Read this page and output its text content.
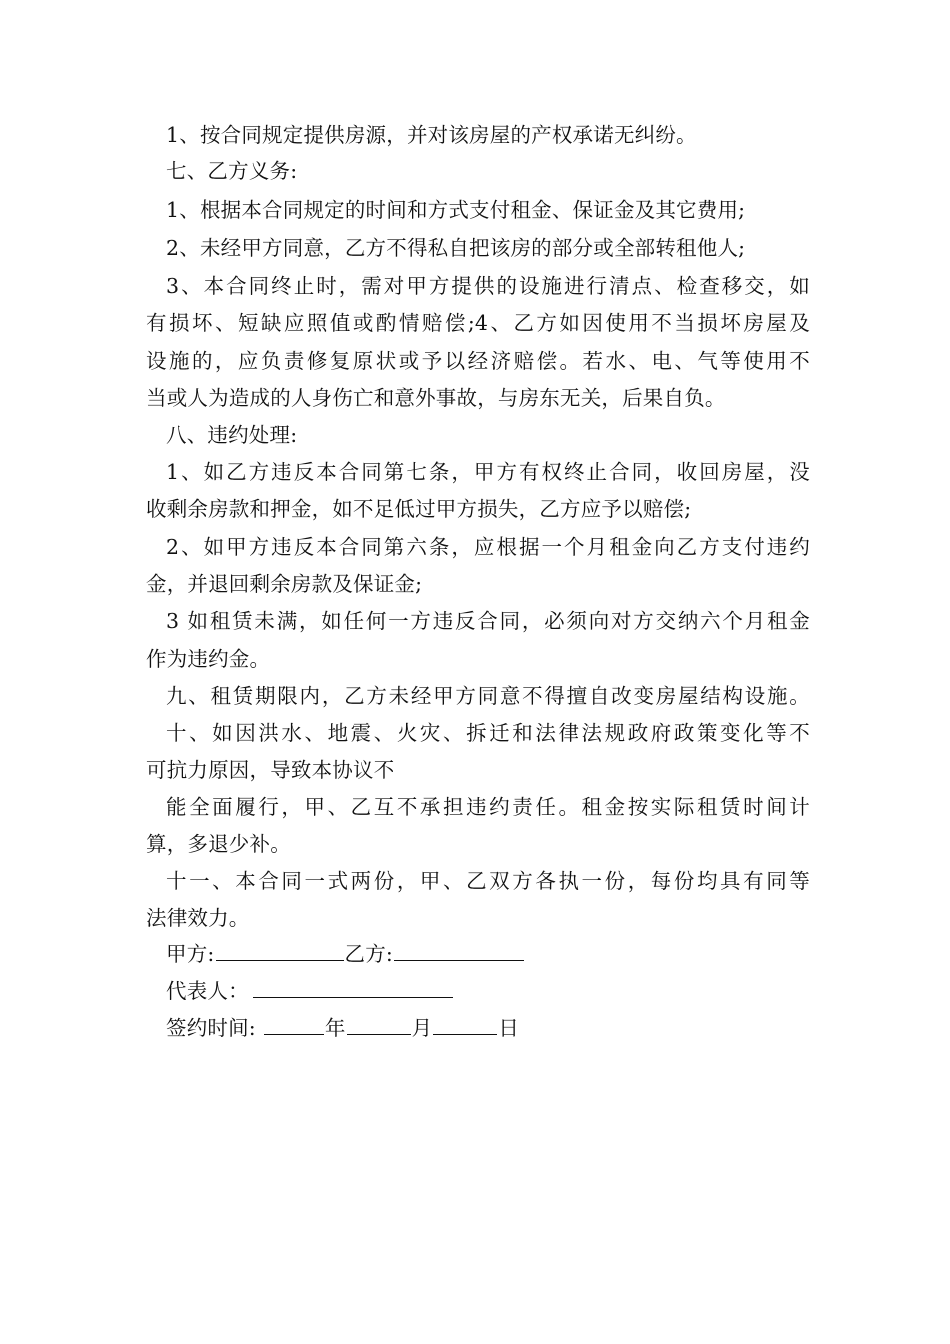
1、按合同规定提供房源，并对该房屋的产权承诺无纠纷。
七、乙方义务:
1、根据本合同规定的时间和方式支付租金、保证金及其它费用;
2、未经甲方同意，乙方不得私自把该房的部分或全部转租他人;
3、本合同终止时，需对甲方提供的设施进行清点、检查移交，如
有损坏、短缺应照值或酌情赔偿;4、乙方如因使用不当损坏房屋及
设施的，应负责修复原状或予以经济赔偿。若水、电、气等使用不
当或人为造成的人身伤亡和意外事故，与房东无关，后果自负。
八、违约处理:
1、如乙方违反本合同第七条，甲方有权终止合同，收回房屋，没
收剩余房款和押金，如不足低过甲方损失，乙方应予以赔偿;
2、如甲方违反本合同第六条，应根据一个月租金向乙方支付违约
金，并退回剩余房款及保证金;
3 如租赁未满，如任何一方违反合同，必须向对方交纳六个月租金
作为违约金。
九、租赁期限内，乙方未经甲方同意不得擅自改变房屋结构设施。
十、如因洪水、地震、火灾、拆迁和法律法规政府政策变化等不
可抗力原因，导致本协议不
能全面履行，甲、乙互不承担违约责任。租金按实际租赁时间计
算，多退少补。
十一、本合同一式两份，甲、乙双方各执一份，每份均具有同等
法律效力。
甲方:	乙方:
代表人：
签约时间:	年	月	日
